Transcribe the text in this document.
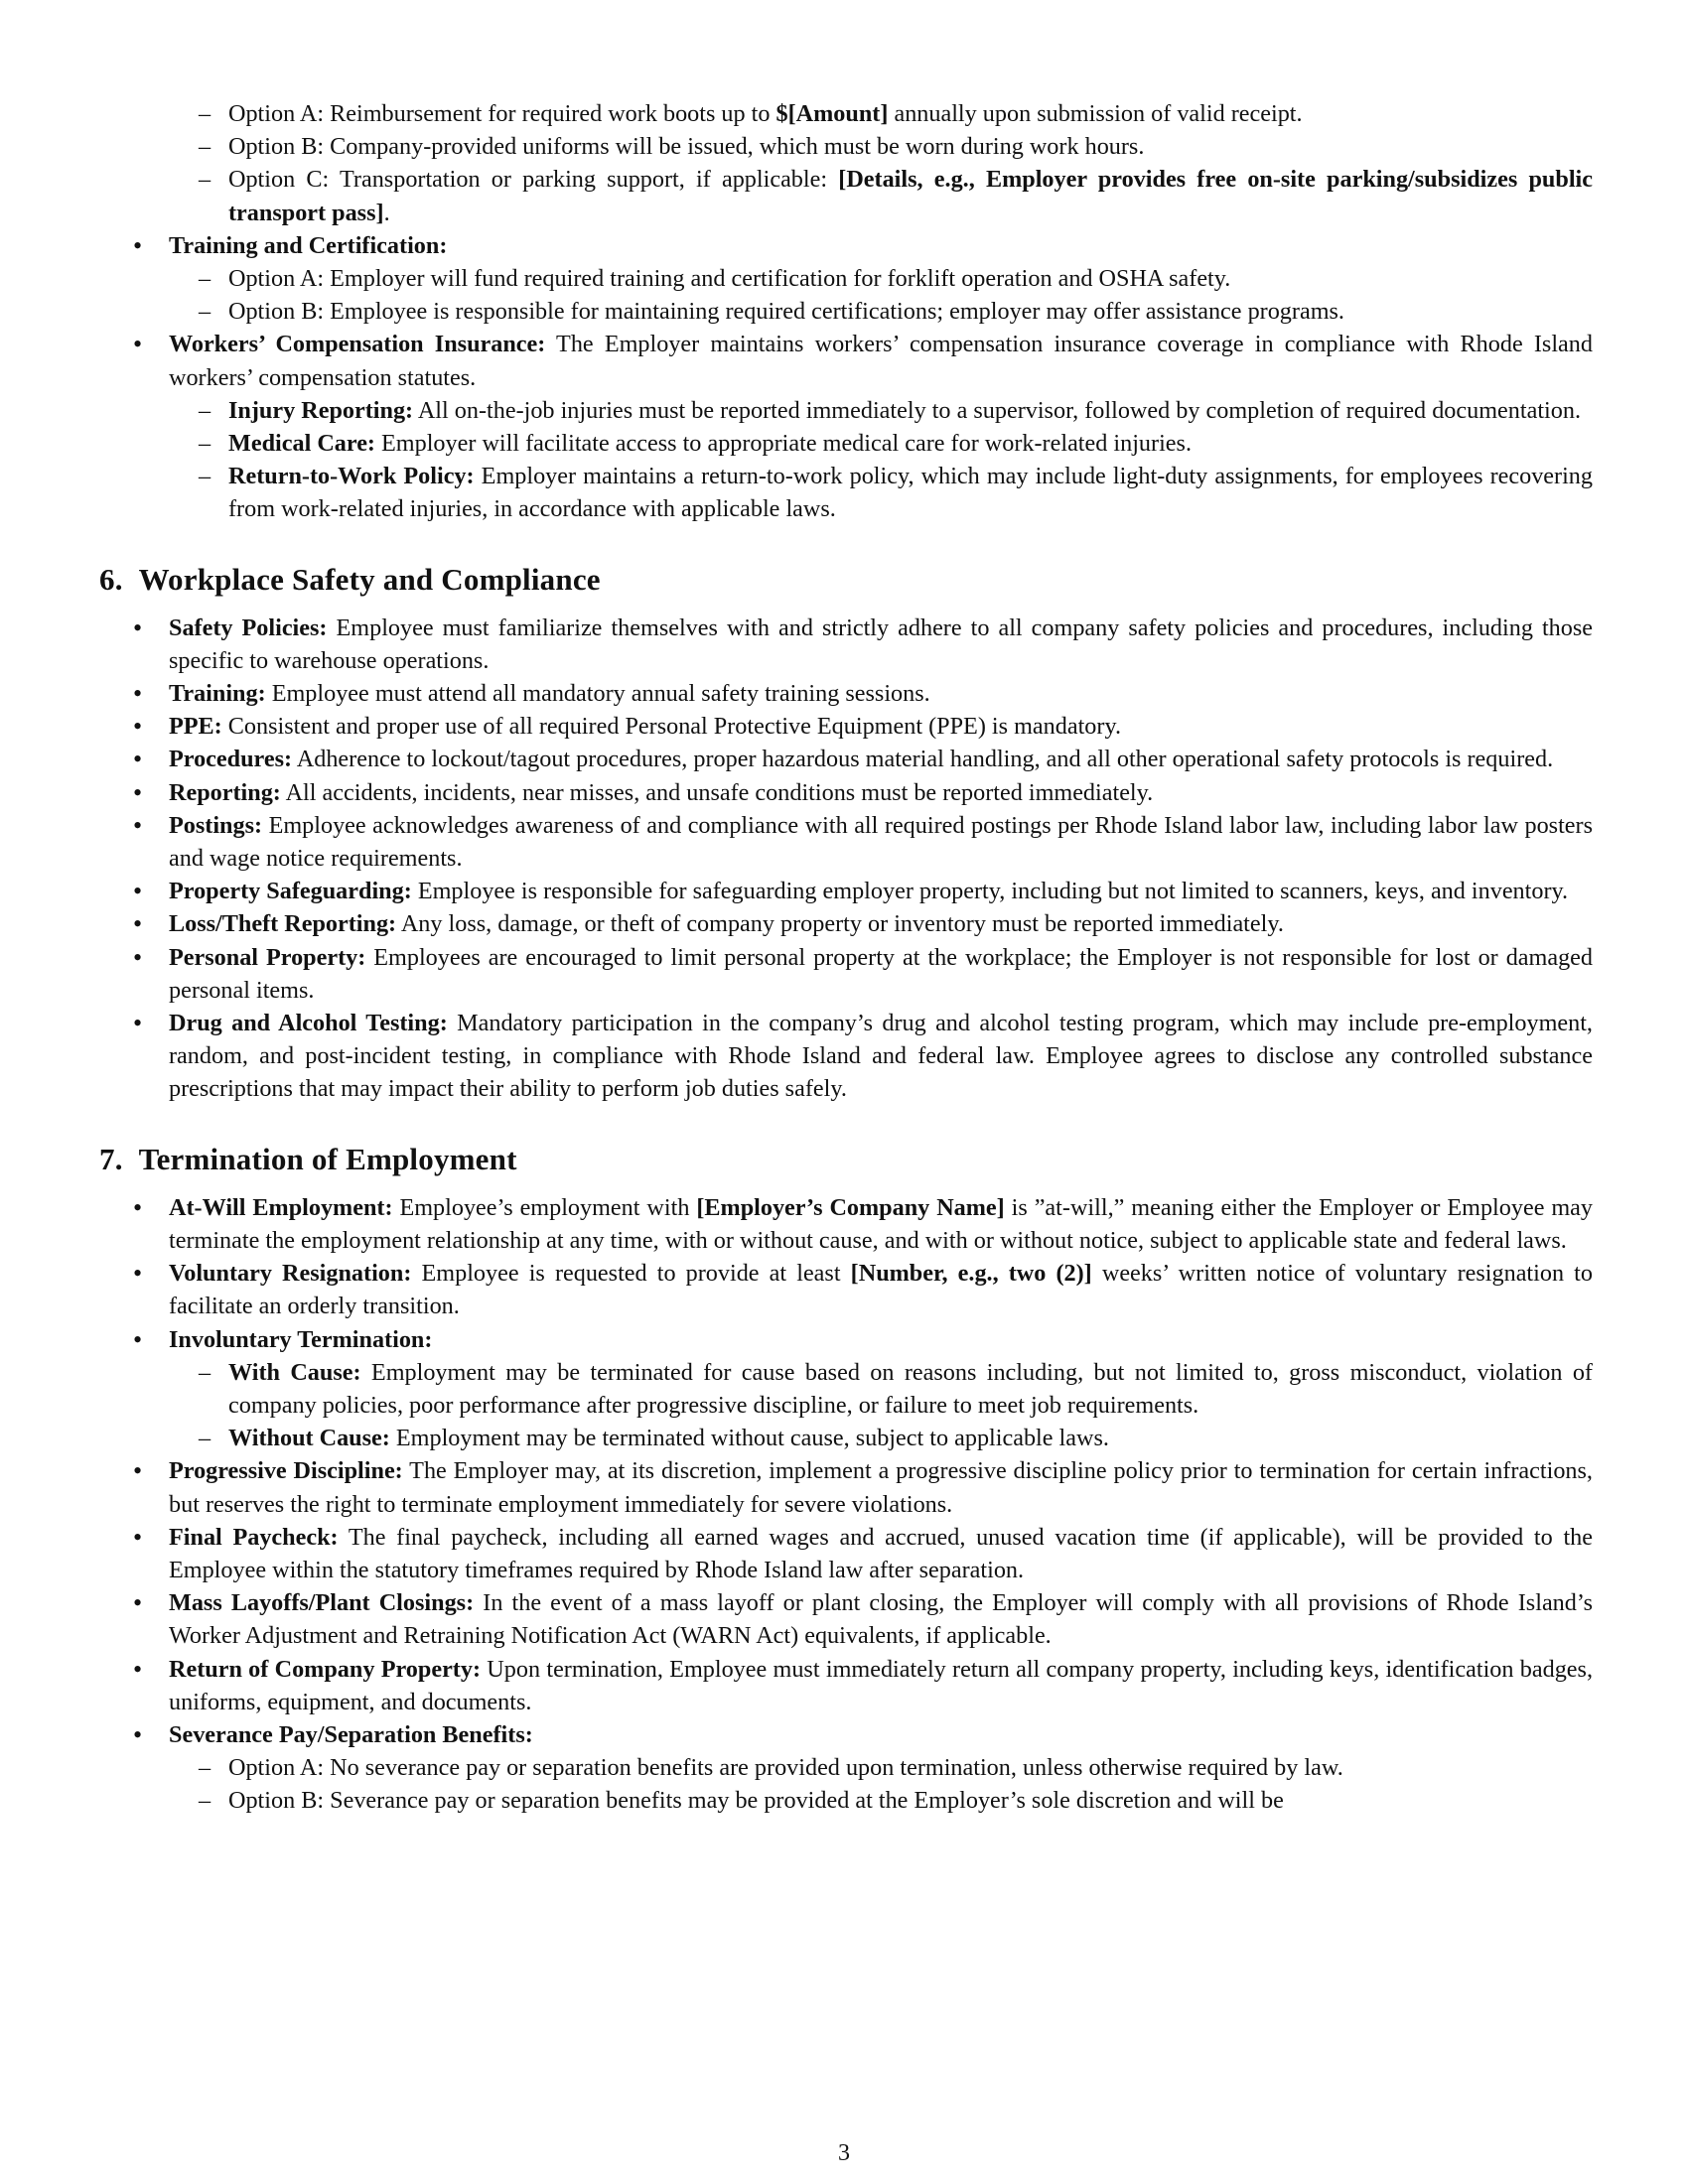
– Option A: Reimbursement for required work boots up to $[Amount] annually upon submission of valid receipt.
– Option B: Company-provided uniforms will be issued, which must be worn during work hours.
– Option C: Transportation or parking support, if applicable: [Details, e.g., Employer provides free on-site parking/subsidizes public transport pass].
• Training and Certification:
– Option A: Employer will fund required training and certification for forklift operation and OSHA safety.
– Option B: Employee is responsible for maintaining required certifications; employer may offer assistance programs.
• Workers’ Compensation Insurance: The Employer maintains workers’ compensation insurance coverage in compliance with Rhode Island workers’ compensation statutes.
– Injury Reporting: All on-the-job injuries must be reported immediately to a supervisor, followed by completion of required documentation.
– Medical Care: Employer will facilitate access to appropriate medical care for work-related injuries.
– Return-to-Work Policy: Employer maintains a return-to-work policy, which may include light-duty assignments, for employees recovering from work-related injuries, in accordance with applicable laws.
6. Workplace Safety and Compliance
• Safety Policies: Employee must familiarize themselves with and strictly adhere to all company safety policies and procedures, including those specific to warehouse operations.
• Training: Employee must attend all mandatory annual safety training sessions.
• PPE: Consistent and proper use of all required Personal Protective Equipment (PPE) is mandatory.
• Procedures: Adherence to lockout/tagout procedures, proper hazardous material handling, and all other operational safety protocols is required.
• Reporting: All accidents, incidents, near misses, and unsafe conditions must be reported immediately.
• Postings: Employee acknowledges awareness of and compliance with all required postings per Rhode Island labor law, including labor law posters and wage notice requirements.
• Property Safeguarding: Employee is responsible for safeguarding employer property, including but not limited to scanners, keys, and inventory.
• Loss/Theft Reporting: Any loss, damage, or theft of company property or inventory must be reported immediately.
• Personal Property: Employees are encouraged to limit personal property at the workplace; the Employer is not responsible for lost or damaged personal items.
• Drug and Alcohol Testing: Mandatory participation in the company’s drug and alcohol testing program, which may include pre-employment, random, and post-incident testing, in compliance with Rhode Island and federal law. Employee agrees to disclose any controlled substance prescriptions that may impact their ability to perform job duties safely.
7. Termination of Employment
• At-Will Employment: Employee’s employment with [Employer’s Company Name] is ”at-will,” meaning either the Employer or Employee may terminate the employment relationship at any time, with or without cause, and with or without notice, subject to applicable state and federal laws.
• Voluntary Resignation: Employee is requested to provide at least [Number, e.g., two (2)] weeks’ written notice of voluntary resignation to facilitate an orderly transition.
• Involuntary Termination:
– With Cause: Employment may be terminated for cause based on reasons including, but not limited to, gross misconduct, violation of company policies, poor performance after progressive discipline, or failure to meet job requirements.
– Without Cause: Employment may be terminated without cause, subject to applicable laws.
• Progressive Discipline: The Employer may, at its discretion, implement a progressive discipline policy prior to termination for certain infractions, but reserves the right to terminate employment immediately for severe violations.
• Final Paycheck: The final paycheck, including all earned wages and accrued, unused vacation time (if applicable), will be provided to the Employee within the statutory timeframes required by Rhode Island law after separation.
• Mass Layoffs/Plant Closings: In the event of a mass layoff or plant closing, the Employer will comply with all provisions of Rhode Island’s Worker Adjustment and Retraining Notification Act (WARN Act) equivalents, if applicable.
• Return of Company Property: Upon termination, Employee must immediately return all company property, including keys, identification badges, uniforms, equipment, and documents.
• Severance Pay/Separation Benefits:
– Option A: No severance pay or separation benefits are provided upon termination, unless otherwise required by law.
– Option B: Severance pay or separation benefits may be provided at the Employer’s sole discretion and will be
3
